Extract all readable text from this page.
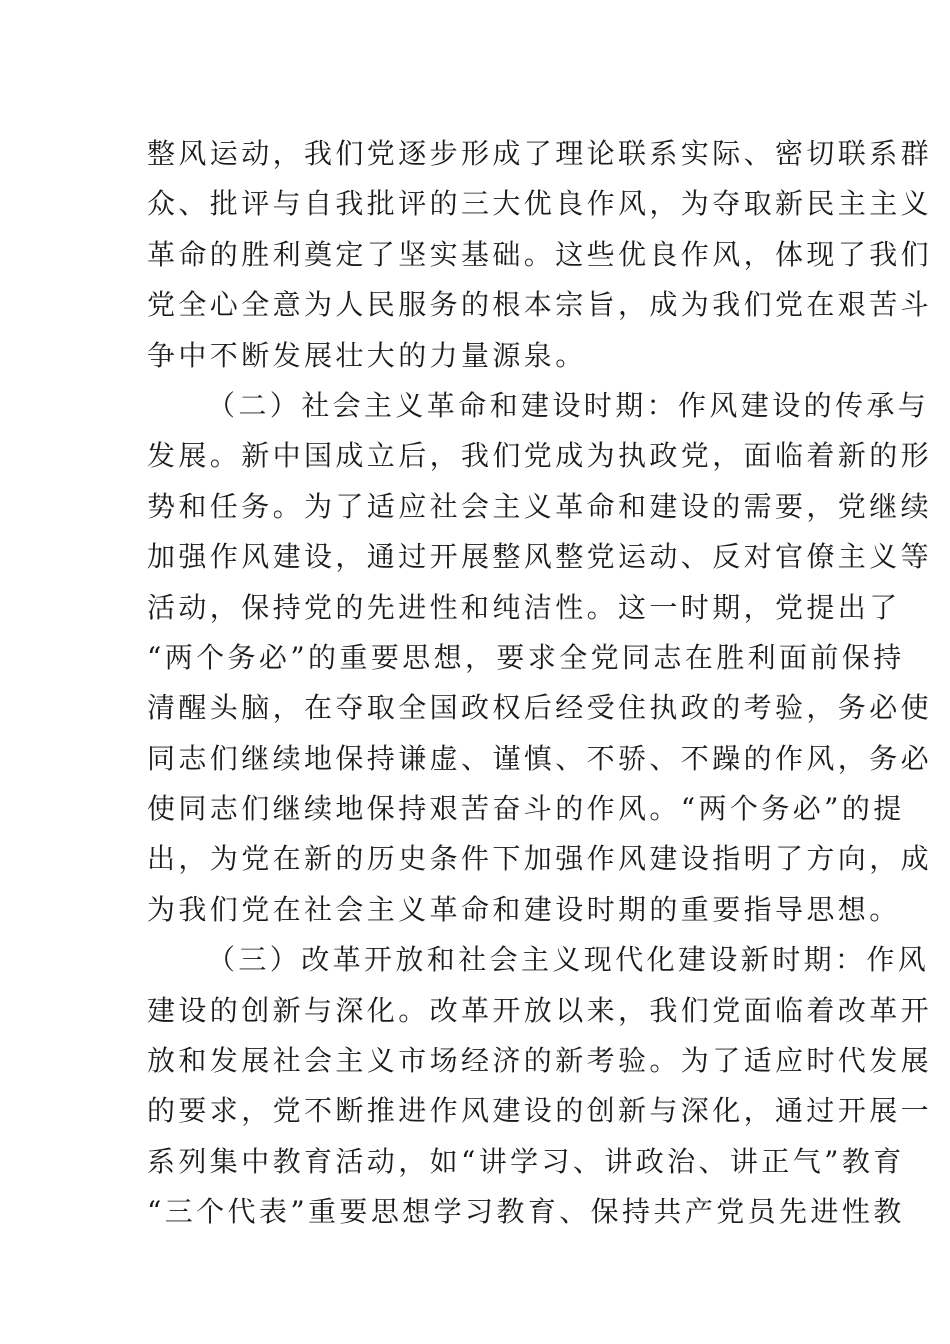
整风运动，我们党逐步形成了理论联系实际、密切联系群
众、批评与自我批评的三大优良作风，为夺取新民主主义
革命的胜利奠定了坚实基础。这些优良作风，体现了我们
党全心全意为人民服务的根本宗旨，成为我们党在艰苦斗
争中不断发展壮大的力量源泉。
（二）社会主义革命和建设时期：作风建设的传承与
发展。新中国成立后，我们党成为执政党，面临着新的形
势和任务。为了适应社会主义革命和建设的需要，党继续
加强作风建设，通过开展整风整党运动、反对官僚主义等
活动，保持党的先进性和纯洁性。这一时期，党提出了
“两个务必”的重要思想，要求全党同志在胜利面前保持
清醒头脑，在夺取全国政权后经受住执政的考验，务必使
同志们继续地保持谦虚、谨慎、不骄、不躁的作风，务必
使同志们继续地保持艰苦奋斗的作风。“两个务必”的提
出，为党在新的历史条件下加强作风建设指明了方向，成
为我们党在社会主义革命和建设时期的重要指导思想。
（三）改革开放和社会主义现代化建设新时期：作风
建设的创新与深化。改革开放以来，我们党面临着改革开
放和发展社会主义市场经济的新考验。为了适应时代发展
的要求，党不断推进作风建设的创新与深化，通过开展一
系列集中教育活动，如“讲学习、讲政治、讲正气”教育
“三个代表”重要思想学习教育、保持共产党员先进性教
